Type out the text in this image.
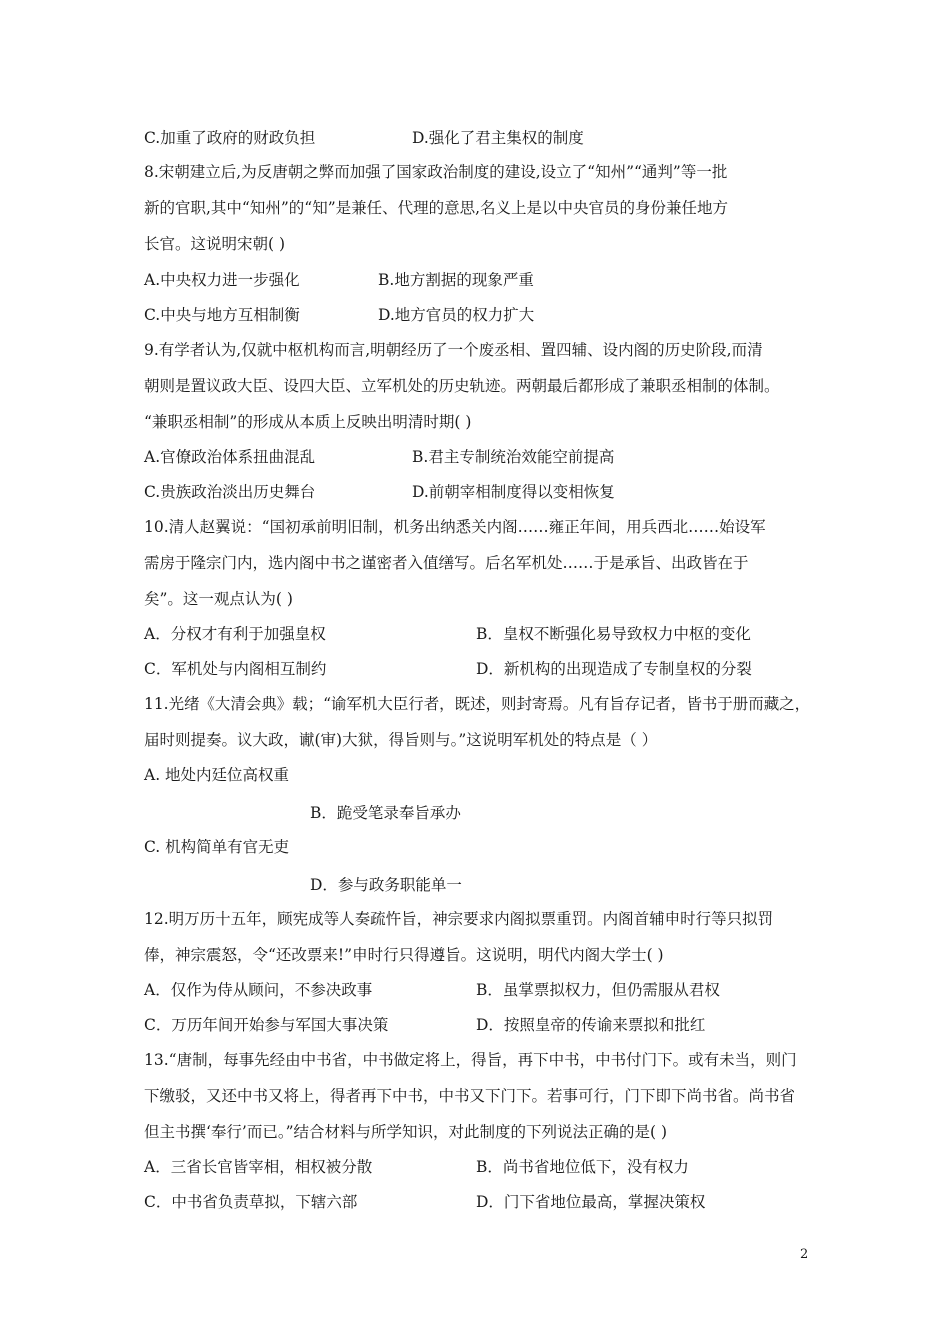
C.加重了政府的财政负担	D.强化了君主集权的制度
8.宋朝建立后,为反唐朝之弊而加强了国家政治制度的建设,设立了“知州”“通判”等一批
新的官职,其中“知州”的“知”是兼任、代理的意思,名义上是以中央官员的身份兼任地方
长官。这说明宋朝( )
A.中央权力进一步强化	B.地方割据的现象严重
C.中央与地方互相制衡	D.地方官员的权力扩大
9.有学者认为,仅就中枢机构而言,明朝经历了一个废丞相、置四辅、设内阁的历史阶段,而清
朝则是置议政大臣、设四大臣、立军机处的历史轨迹。两朝最后都形成了兼职丞相制的体制。
“兼职丞相制”的形成从本质上反映出明清时期( )
A.官僚政治体系扭曲混乱	B.君主专制统治效能空前提高
C.贵族政治淡出历史舞台	D.前朝宰相制度得以变相恢复
10.清人赵翼说：“国初承前明旧制，机务出纳悉关内阁……雍正年间，用兵西北……始设军
需房于隆宗门内，选内阁中书之谨密者入值缮写。后名军机处……于是承旨、出政皆在于
矣”。这一观点认为( )
A．分权才有利于加强皇权	B．皇权不断强化易导致权力中枢的变化
C．军机处与内阁相互制约	D．新机构的出现造成了专制皇权的分裂
11.光绪《大清会典》载；“谕军机大臣行者，既述，则封寄焉。凡有旨存记者，皆书于册而藏之，
届时则提奏。议大政，谳(审)大狱，得旨则与。”这说明军机处的特点是（ ）
A. 地处内廷位高权重
B．跪受笔录奉旨承办
C. 机构简单有官无吏
D．参与政务职能单一
12.明万历十五年，顾宪成等人奏疏忤旨，神宗要求内阁拟票重罚。内阁首辅申时行等只拟罚
俸，神宗震怒，令“还改票来!”申时行只得遵旨。这说明，明代内阁大学士( )
A．仅作为侍从顾问，不参决政事	B．虽掌票拟权力，但仍需服从君权
C．万历年间开始参与军国大事决策	D．按照皇帝的传谕来票拟和批红
13.“唐制，每事先经由中书省，中书做定将上，得旨，再下中书，中书付门下。或有未当，则门
下缴驳，又还中书又将上，得者再下中书，中书又下门下。若事可行，门下即下尚书省。尚书省
但主书撰‘奉行’而已。”结合材料与所学知识，对此制度的下列说法正确的是( )
A．三省长官皆宰相，相权被分散	B．尚书省地位低下，没有权力
C．中书省负责草拟，下辖六部	D．门下省地位最高，掌握决策权
2
